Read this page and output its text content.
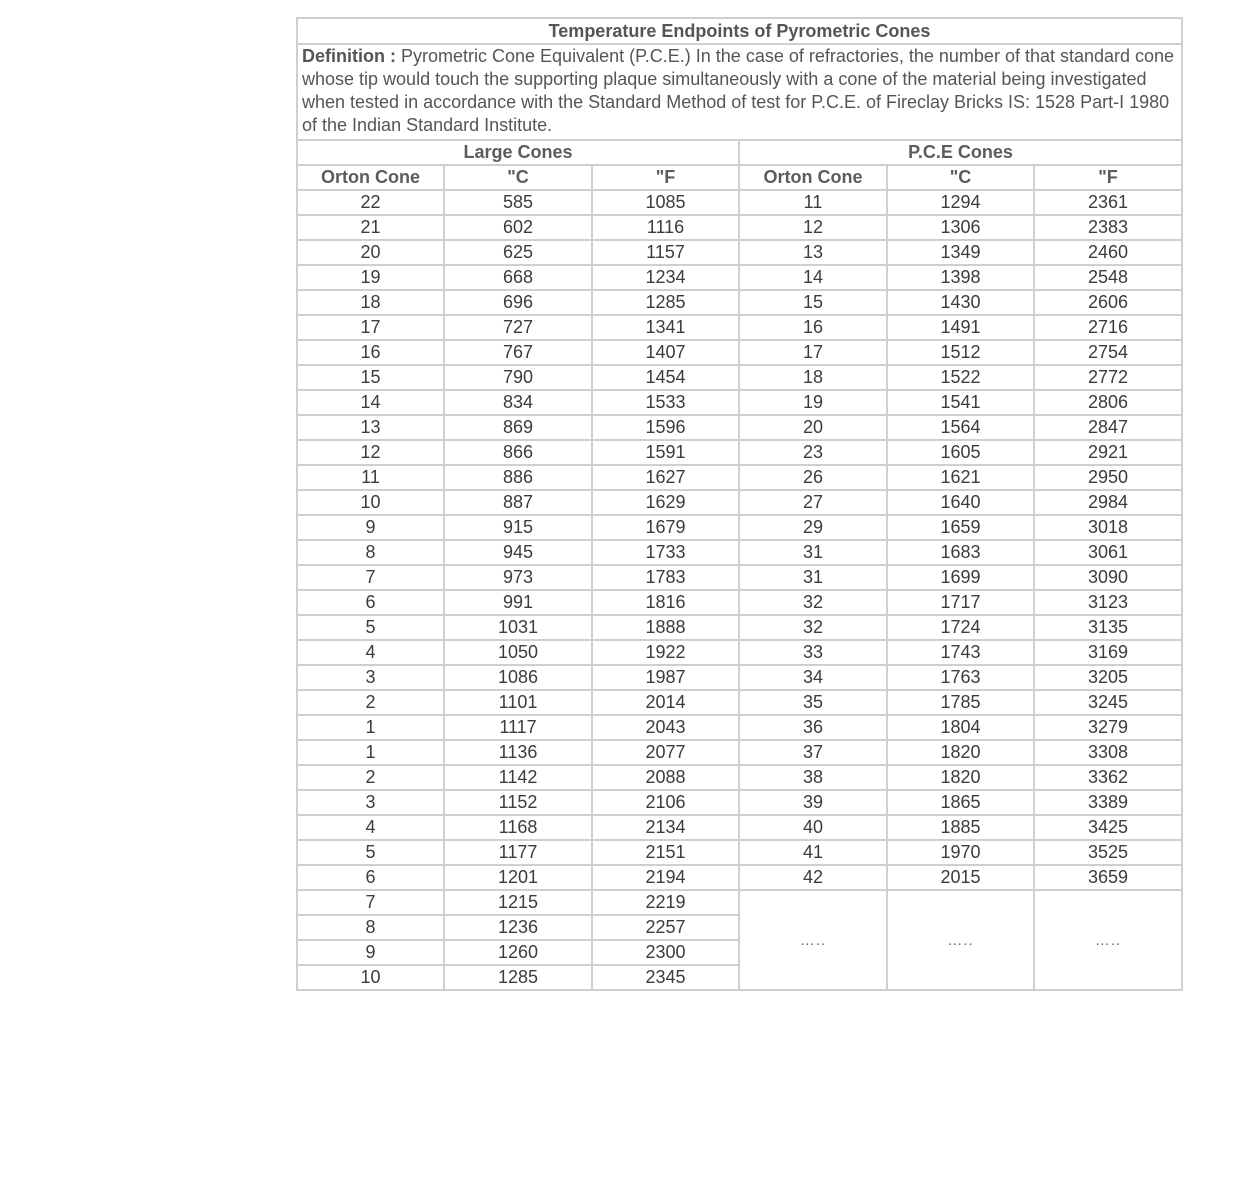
Temperature Endpoints of Pyrometric Cones					
Definition : Pyrometric Cone Equivalent (P.C.E.) In the case of refractories, the number of that standard cone whose tip would touch the supporting plaque simultaneously with a cone of the material being investigated when tested in accordance with the Standard Method of test for P.C.E. of Fireclay Bricks IS: 1528 Part-I 1980 of the Indian Standard Institute.					
Large Cones			P.C.E Cones		
Orton Cone	"C	"F	Orton Cone	"C	"F
22	585	1085	11	1294	2361
21	602	1116	12	1306	2383
20	625	1157	13	1349	2460
19	668	1234	14	1398	2548
18	696	1285	15	1430	2606
17	727	1341	16	1491	2716
16	767	1407	17	1512	2754
15	790	1454	18	1522	2772
14	834	1533	19	1541	2806
13	869	1596	20	1564	2847
12	866	1591	23	1605	2921
11	886	1627	26	1621	2950
10	887	1629	27	1640	2984
9	915	1679	29	1659	3018
8	945	1733	31	1683	3061
7	973	1783	31	1699	3090
6	991	1816	32	1717	3123
5	1031	1888	32	1724	3135
4	1050	1922	33	1743	3169
3	1086	1987	34	1763	3205
2	1101	2014	35	1785	3245
1	1117	2043	36	1804	3279
1	1136	2077	37	1820	3308
2	1142	2088	38	1820	3362
3	1152	2106	39	1865	3389
4	1168	2134	40	1885	3425
5	1177	2151	41	1970	3525
6	1201	2194	42	2015	3659
7	1215	2219	…..	…..	…..
8	1236	2257			
9	1260	2300			
10	1285	2345			
